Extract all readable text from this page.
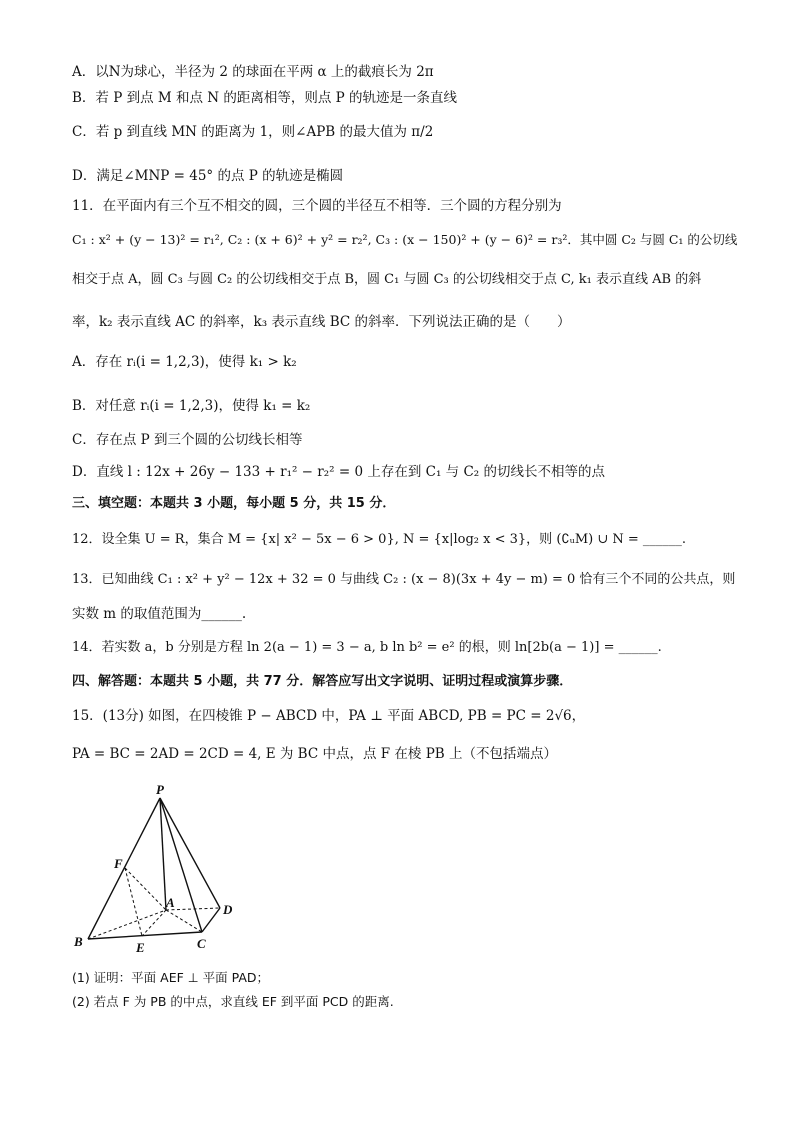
A．以N为球心，半径为 2 的球面在平两 α 上的截痕长为 2π
B．若 P 到点 M 和点 N 的距离相等，则点 P 的轨迹是一条直线
C．若 p 到直线 MN 的距离为 1，则∠APB 的最大值为 π/2
D．满足∠MNP = 45° 的点 P 的轨迹是椭圆
11．在平面内有三个互不相交的圆，三个圆的半径互不相等．三个圆的方程分别为
C₁ : x² + (y − 13)² = r₁², C₂ : (x + 6)² + y² = r₂², C₃ : (x − 150)² + (y − 6)² = r₃²．其中圆 C₂ 与圆 C₁ 的公切线
相交于点 A，圆 C₃ 与圆 C₂ 的公切线相交于点 B，圆 C₁ 与圆 C₃ 的公切线相交于点 C, k₁ 表示直线 AB 的斜
率，k₂ 表示直线 AC 的斜率，k₃ 表示直线 BC 的斜率．下列说法正确的是（　　）
A．存在 rᵢ(i = 1,2,3)，使得 k₁ > k₂
B．对任意 rᵢ(i = 1,2,3)，使得 k₁ = k₂
C．存在点 P 到三个圆的公切线长相等
D．直线 l : 12x + 26y − 133 + r₁² − r₂² = 0 上存在到 C₁ 与 C₂ 的切线长不相等的点
三、填空题：本题共 3 小题，每小题 5 分，共 15 分．
12．设全集 U = R，集合 M = {x| x² − 5x − 6 > 0}, N = {x|log₂ x < 3}，则 (∁ᵤM) ∪ N = ______.
13．已知曲线 C₁ : x² + y² − 12x + 32 = 0 与曲线 C₂ : (x − 8)(3x + 4y − m) = 0 恰有三个不同的公共点，则
实数 m 的取值范围为______.
14．若实数 a，b 分别是方程 ln 2(a − 1) = 3 − a, b ln b² = e² 的根，则 ln[2b(a − 1)] = ______.
四、解答题：本题共 5 小题，共 77 分．解答应写出文字说明、证明过程或演算步骤．
15．(13分) 如图，在四棱锥 P − ABCD 中，PA ⊥ 平面 ABCD, PB = PC = 2√6，
PA = BC = 2AD = 2CD = 4, E 为 BC 中点，点 F 在棱 PB 上（不包括端点）
P
F
A	D
B	E	C
(1) 证明：平面 AEF ⊥ 平面 PAD；
(2) 若点 F 为 PB 的中点，求直线 EF 到平面 PCD 的距离.
